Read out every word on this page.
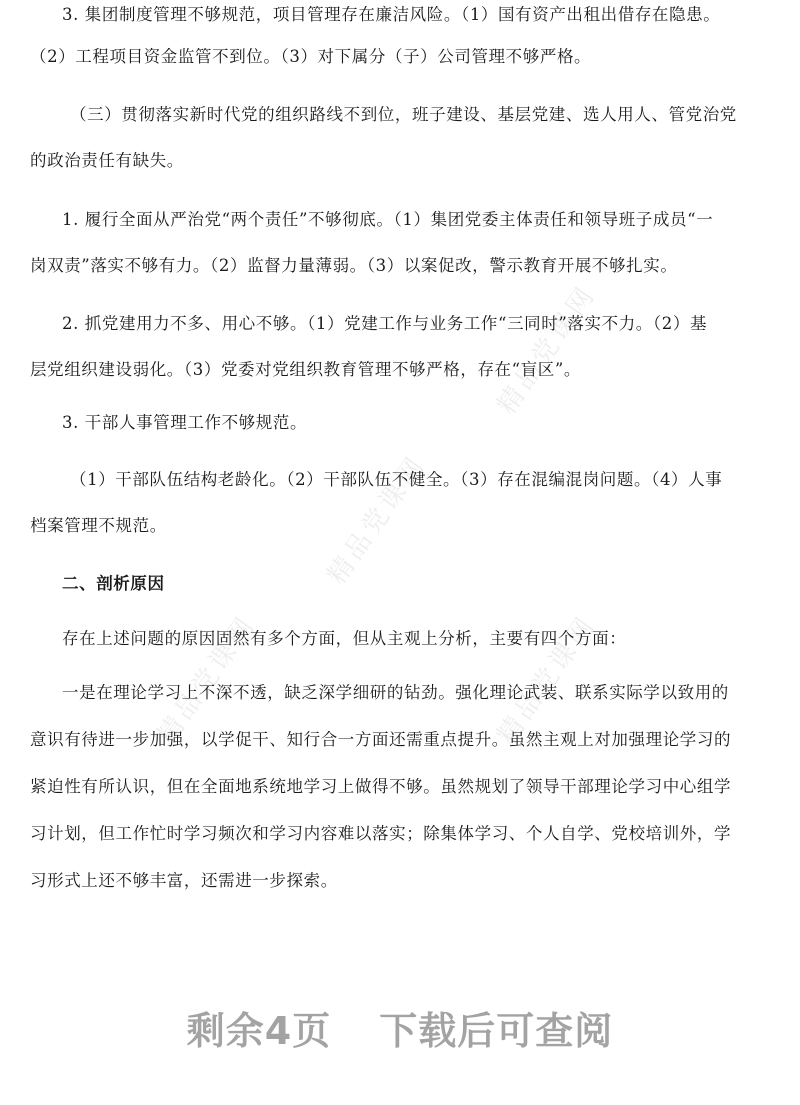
精品党课网
精品党课网
精品党课网
精品党课网
3. 集团制度管理不够规范，项目管理存在廉洁风险。（1）国有资产出租出借存在隐患。
（2）工程项目资金监管不到位。（3）对下属分（子）公司管理不够严格。
（三）贯彻落实新时代党的组织路线不到位，班子建设、基层党建、选人用人、管党治党
的政治责任有缺失。
1. 履行全面从严治党“两个责任”不够彻底。（1）集团党委主体责任和领导班子成员“一
岗双责”落实不够有力。（2）监督力量薄弱。（3）以案促改，警示教育开展不够扎实。
2. 抓党建用力不多、用心不够。（1）党建工作与业务工作“三同时”落实不力。（2）基
层党组织建设弱化。（3）党委对党组织教育管理不够严格，存在“盲区”。
3. 干部人事管理工作不够规范。
（1）干部队伍结构老龄化。（2）干部队伍不健全。（3）存在混编混岗问题。（4）人事
档案管理不规范。
二、剖析原因
存在上述问题的原因固然有多个方面，但从主观上分析，主要有四个方面：
一是在理论学习上不深不透，缺乏深学细研的钻劲。强化理论武装、联系实际学以致用的
意识有待进一步加强，以学促干、知行合一方面还需重点提升。虽然主观上对加强理论学习的
紧迫性有所认识，但在全面地系统地学习上做得不够。虽然规划了领导干部理论学习中心组学
习计划，但工作忙时学习频次和学习内容难以落实；除集体学习、个人自学、党校培训外，学
习形式上还不够丰富，还需进一步探索。
剩余4页 下载后可查阅
